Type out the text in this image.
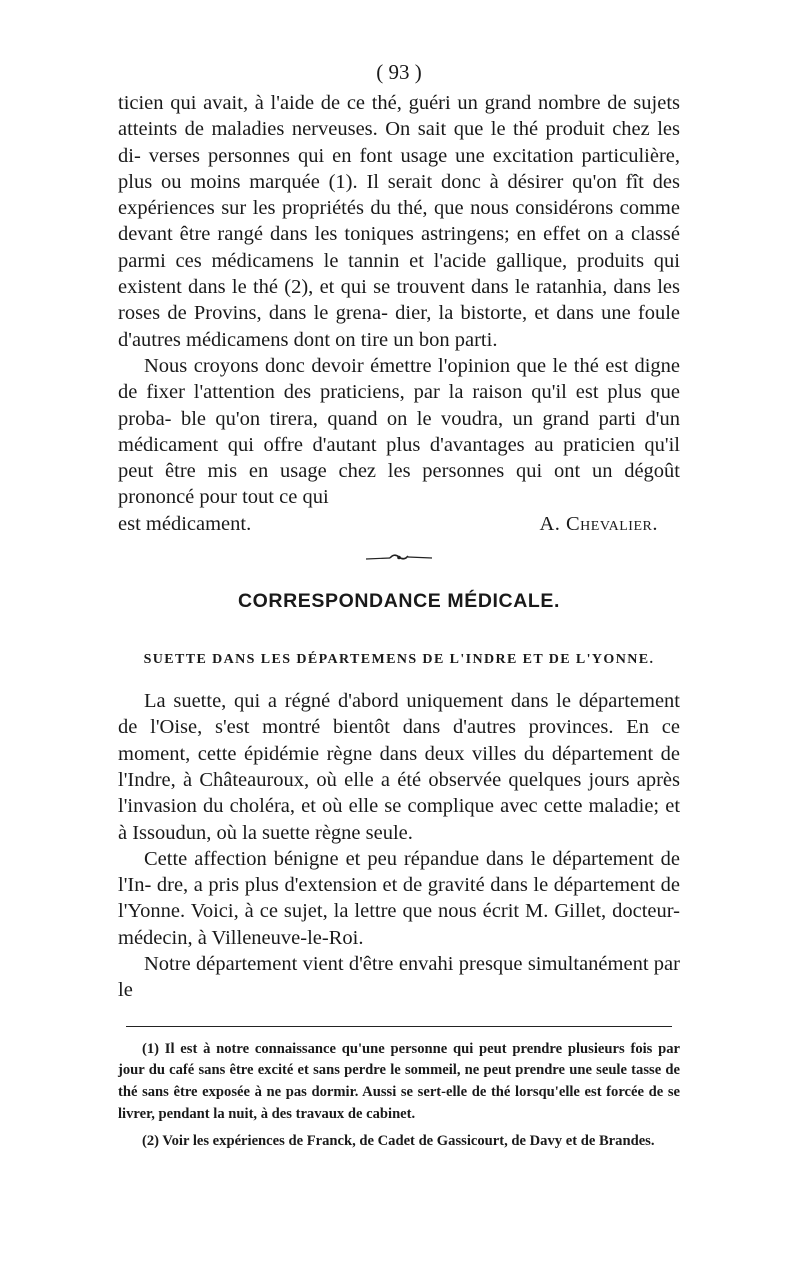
( 93 )

ticien qui avait, à l'aide de ce thé, guéri un grand nombre de sujets atteints de maladies nerveuses. On sait que le thé produit chez les di- verses personnes qui en font usage une excitation particulière, plus ou moins marquée (1). Il serait donc à désirer qu'on fît des expériences sur les propriétés du thé, que nous considérons comme devant être rangé dans les toniques astringens; en effet on a classé parmi ces médicamens le tannin et l'acide gallique, produits qui existent dans le thé (2), et qui se trouvent dans le ratanhia, dans les roses de Provins, dans le grena- dier, la bistorte, et dans une foule d'autres médicamens dont on tire un bon parti.

Nous croyons donc devoir émettre l'opinion que le thé est digne de fixer l'attention des praticiens, par la raison qu'il est plus que proba- ble qu'on tirera, quand on le voudra, un grand parti d'un médicament qui offre d'autant plus d'avantages au praticien qu'il peut être mis en usage chez les personnes qui ont un dégoût prononcé pour tout ce qui

est médicament.	A. Chevalier.
CORRESPONDANCE MÉDICALE.
SUETTE DANS LES DÉPARTEMENS DE L'INDRE ET DE L'YONNE.

La suette, qui a régné d'abord uniquement dans le département de l'Oise, s'est montré bientôt dans d'autres provinces. En ce moment, cette épidémie règne dans deux villes du département de l'Indre, à Châteauroux, où elle a été observée quelques jours après l'invasion du choléra, et où elle se complique avec cette maladie; et à Issoudun, où la suette règne seule.

Cette affection bénigne et peu répandue dans le département de l'In- dre, a pris plus d'extension et de gravité dans le département de l'Yonne. Voici, à ce sujet, la lettre que nous écrit M. Gillet, docteur- médecin, à Villeneuve-le-Roi.

Notre département vient d'être envahi presque simultanément par le

(1) Il est à notre connaissance qu'une personne qui peut prendre plusieurs fois par jour du café sans être excité et sans perdre le sommeil, ne peut prendre une seule tasse de thé sans être exposée à ne pas dormir. Aussi se sert-elle de thé lorsqu'elle est forcée de se livrer, pendant la nuit, à des travaux de cabinet.

(2) Voir les expériences de Franck, de Cadet de Gassicourt, de Davy et de Brandes.
